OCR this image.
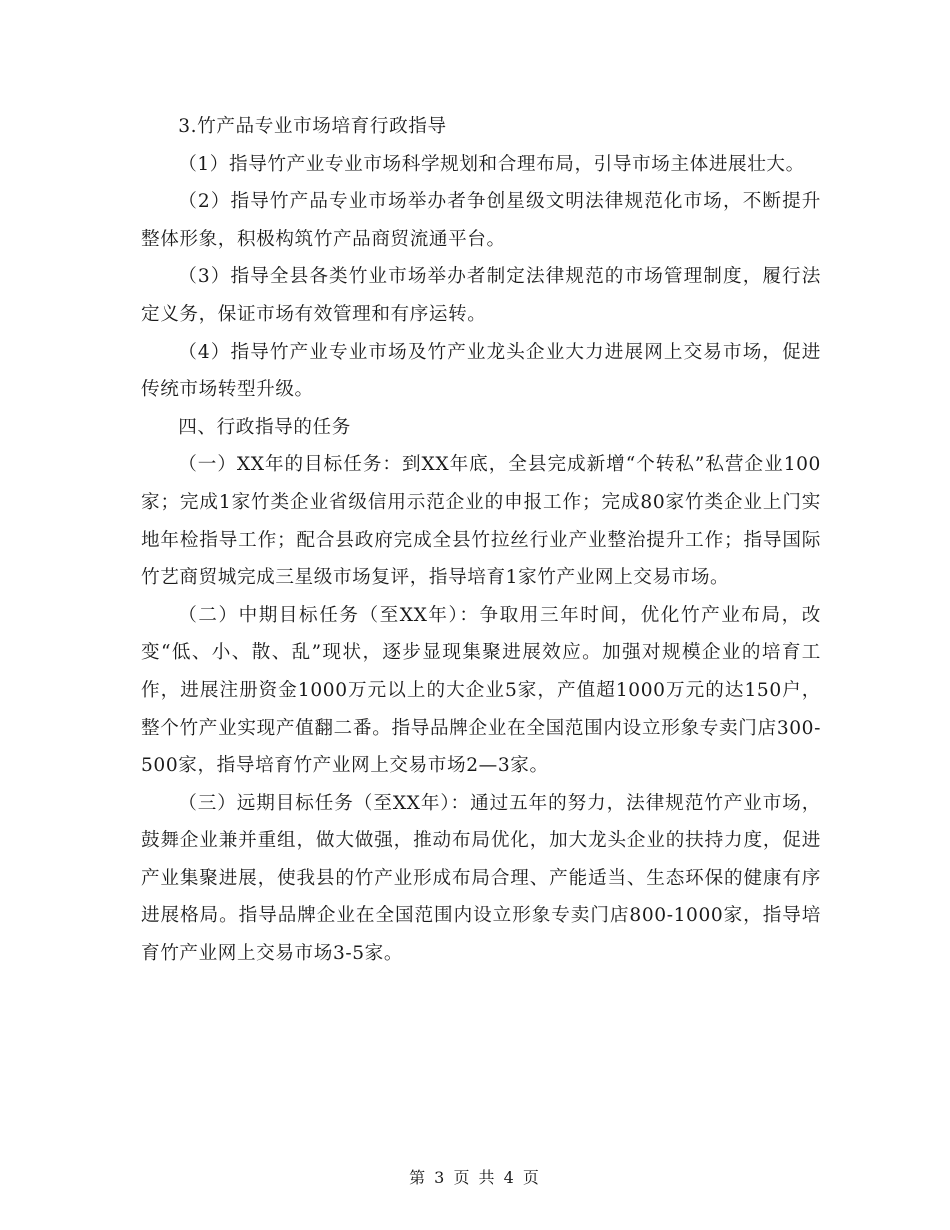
3.竹产品专业市场培育行政指导

（1）指导竹产业专业市场科学规划和合理布局，引导市场主体进展壮大。

（2）指导竹产品专业市场举办者争创星级文明法律规范化市场，不断提升整体形象，积极构筑竹产品商贸流通平台。

（3）指导全县各类竹业市场举办者制定法律规范的市场管理制度，履行法定义务，保证市场有效管理和有序运转。

（4）指导竹产业专业市场及竹产业龙头企业大力进展网上交易市场，促进传统市场转型升级。

四、行政指导的任务

（一）XX年的目标任务：到XX年底，全县完成新增“个转私”私营企业100家；完成1家竹类企业省级信用示范企业的申报工作；完成80家竹类企业上门实地年检指导工作；配合县政府完成全县竹拉丝行业产业整治提升工作；指导国际竹艺商贸城完成三星级市场复评，指导培育1家竹产业网上交易市场。

（二）中期目标任务（至XX年）：争取用三年时间，优化竹产业布局，改变“低、小、散、乱”现状，逐步显现集聚进展效应。加强对规模企业的培育工作，进展注册资金1000万元以上的大企业5家，产值超1000万元的达150户，整个竹产业实现产值翻二番。指导品牌企业在全国范围内设立形象专卖门店300-500家，指导培育竹产业网上交易市场2—3家。

（三）远期目标任务（至XX年）：通过五年的努力，法律规范竹产业市场，鼓舞企业兼并重组，做大做强，推动布局优化，加大龙头企业的扶持力度，促进产业集聚进展，使我县的竹产业形成布局合理、产能适当、生态环保的健康有序进展格局。指导品牌企业在全国范围内设立形象专卖门店800-1000家，指导培育竹产业网上交易市场3-5家。

第 3 页 共 4 页
